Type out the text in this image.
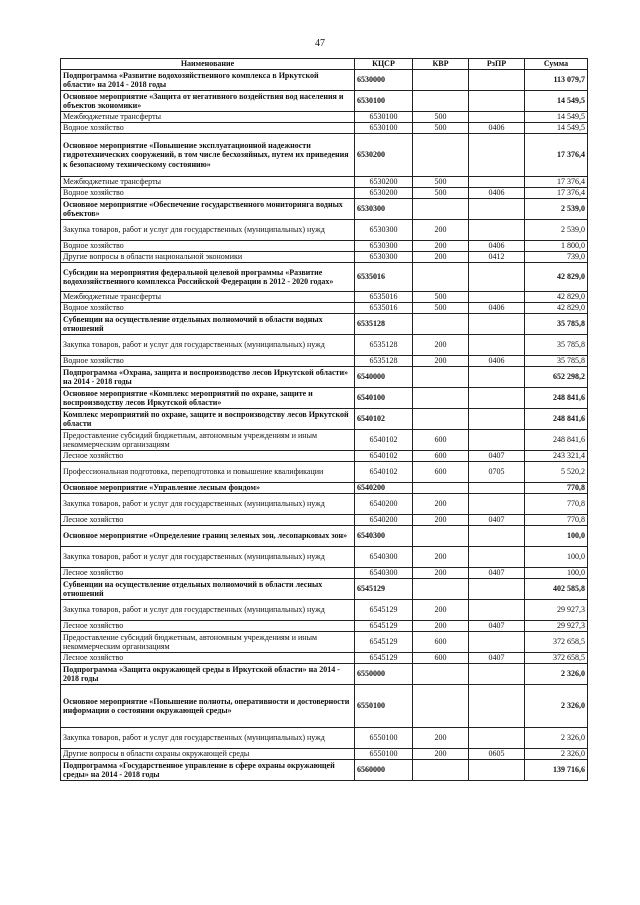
47
Наименование	КЦСР	КВР	РзПР	Сумма
Подпрограмма «Развитие водохозяйственного комплекса в Иркутской области» на 2014 - 2018 годы	6530000			113 079,7
Основное мероприятие «Защита от негативного воздействия вод населения и объектов экономики»	6530100			14 549,5
Межбюджетные трансферты	6530100	500		14 549,5
Водное хозяйство	6530100	500	0406	14 549,5
Основное мероприятие «Повышение эксплуатационной надежности гидротехнических сооружений, в том числе бесхозяйных, путем их приведения к безопасному техническому состоянию»	6530200			17 376,4
Межбюджетные трансферты	6530200	500		17 376,4
Водное хозяйство	6530200	500	0406	17 376,4
Основное мероприятие «Обеспечение государственного мониторинга водных объектов»	6530300			2 539,0
Закупка товаров, работ и услуг для государственных (муниципальных) нужд	6530300	200		2 539,0
Водное хозяйство	6530300	200	0406	1 800,0
Другие вопросы в области национальной экономики	6530300	200	0412	739,0
Субсидии на мероприятия федеральной целевой программы «Развитие водохозяйственного комплекса Российской Федерации в 2012 - 2020 годах»	6535016			42 829,0
Межбюджетные трансферты	6535016	500		42 829,0
Водное хозяйство	6535016	500	0406	42 829,0
Субвенции на осуществление отдельных полномочий в области водных отношений	6535128			35 785,8
Закупка товаров, работ и услуг для государственных (муниципальных) нужд	6535128	200		35 785,8
Водное хозяйство	6535128	200	0406	35 785,8
Подпрограмма «Охрана, защита и воспроизводство лесов Иркутской области» на 2014 - 2018 годы	6540000			652 298,2
Основное мероприятие «Комплекс мероприятий по охране, защите и воспроизводству лесов Иркутской области»	6540100			248 841,6
Комплекс мероприятий по охране, защите и воспроизводству лесов Иркутской области	6540102			248 841,6
Предоставление субсидий бюджетным, автономным учреждениям и иным некоммерческим организациям	6540102	600		248 841,6
Лесное хозяйство	6540102	600	0407	243 321,4
Профессиональная подготовка, переподготовка и повышение квалификации	6540102	600	0705	5 520,2
Основное мероприятие «Управление лесным фондом»	6540200			770,8
Закупка товаров, работ и услуг для государственных (муниципальных) нужд	6540200	200		770,8
Лесное хозяйство	6540200	200	0407	770,8
Основное мероприятие «Определение границ зеленых зон, лесопарковых зон»	6540300			100,0
Закупка товаров, работ и услуг для государственных (муниципальных) нужд	6540300	200		100,0
Лесное хозяйство	6540300	200	0407	100,0
Субвенции на осуществление отдельных полномочий в области лесных отношений	6545129			402 585,8
Закупка товаров, работ и услуг для государственных (муниципальных) нужд	6545129	200		29 927,3
Лесное хозяйство	6545129	200	0407	29 927,3
Предоставление субсидий бюджетным, автономным учреждениям и иным некоммерческим организациям	6545129	600		372 658,5
Лесное хозяйство	6545129	600	0407	372 658,5
Подпрограмма «Защита окружающей среды в Иркутской области» на 2014 - 2018 годы	6550000			2 326,0
Основное мероприятие «Повышение полноты, оперативности и достоверности информации о состоянии окружающей среды»	6550100			2 326,0
Закупка товаров, работ и услуг для государственных (муниципальных) нужд	6550100	200		2 326,0
Другие вопросы в области охраны окружающей среды	6550100	200	0605	2 326,0
Подпрограмма «Государственное управление в сфере охраны окружающей среды» на 2014 - 2018 годы	6560000			139 716,6
